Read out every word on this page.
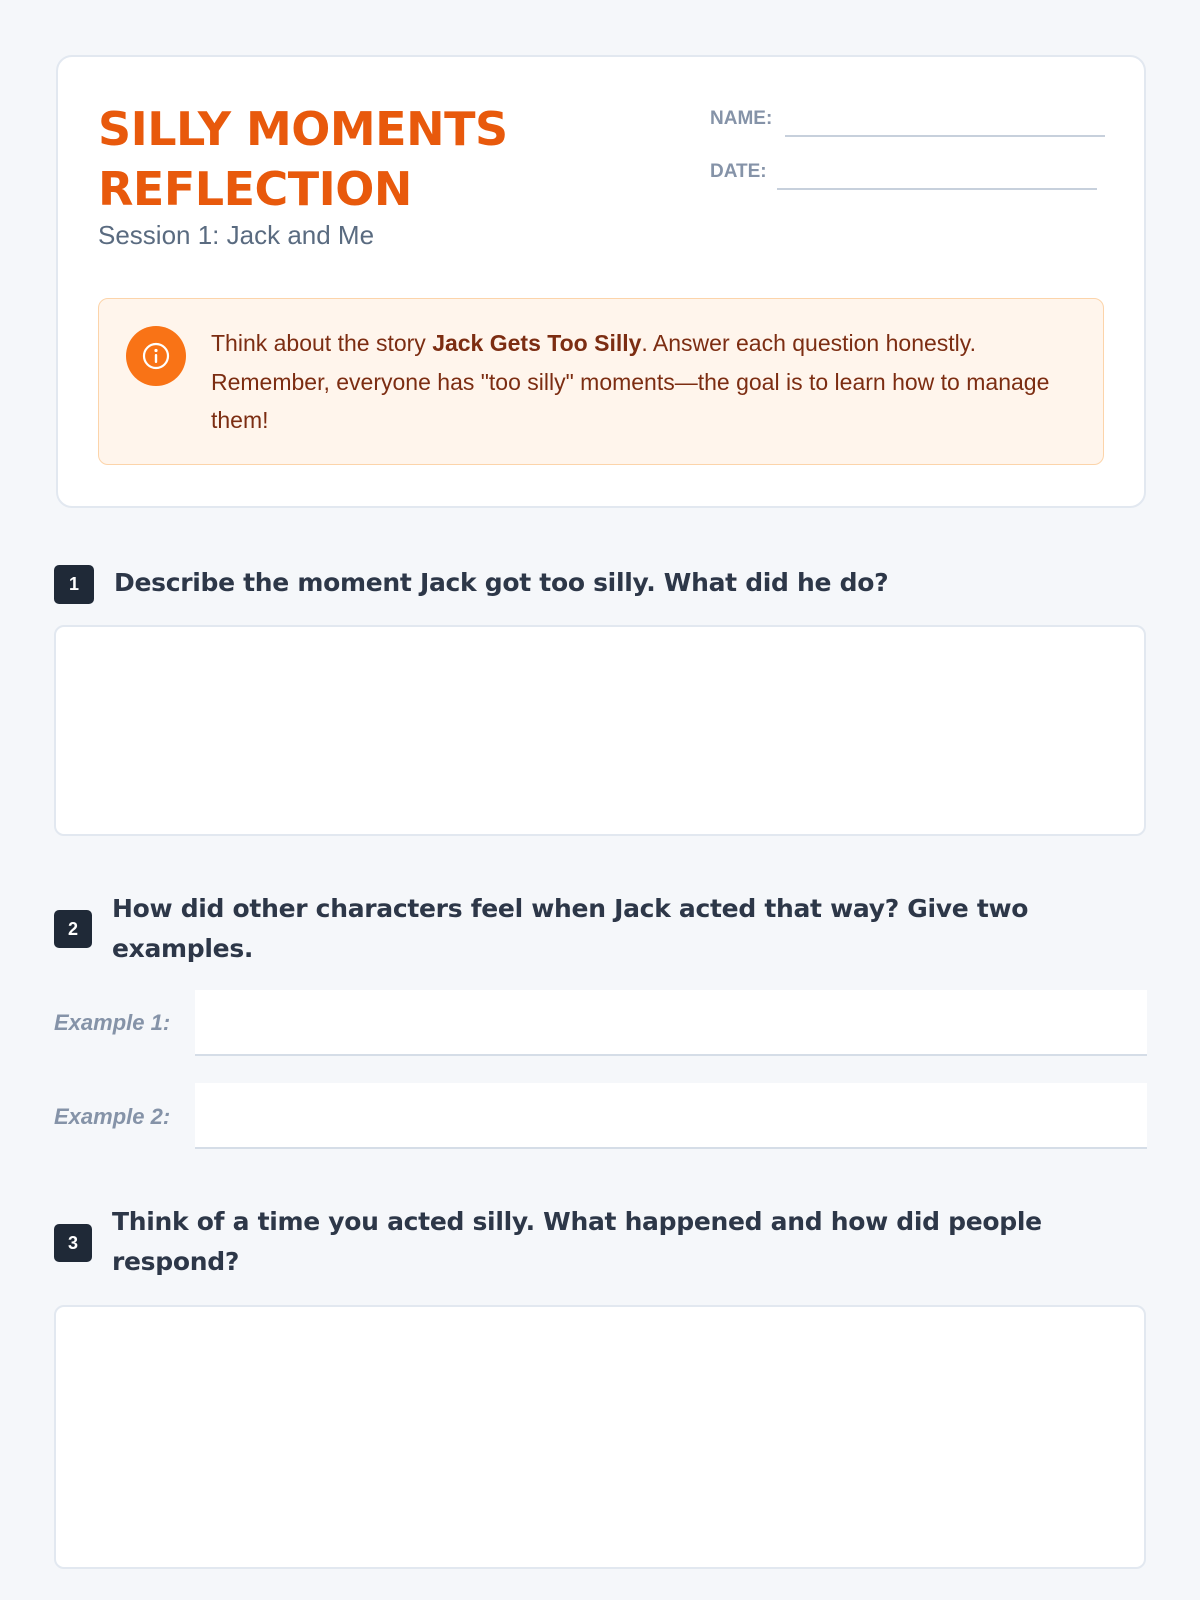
SILLY MOMENTS
REFLECTION
Session 1: Jack and Me
NAME:
DATE:

Think about the story Jack Gets Too Silly. Answer each question honestly. Remember, everyone has "too silly" moments—the goal is to learn how to manage them!

1	Describe the moment Jack got too silly. What did he do?
2
How did other characters feel when Jack acted that way? Give two examples.
Example 1:
Example 2:
3
Think of a time you acted silly. What happened and how did people respond?
